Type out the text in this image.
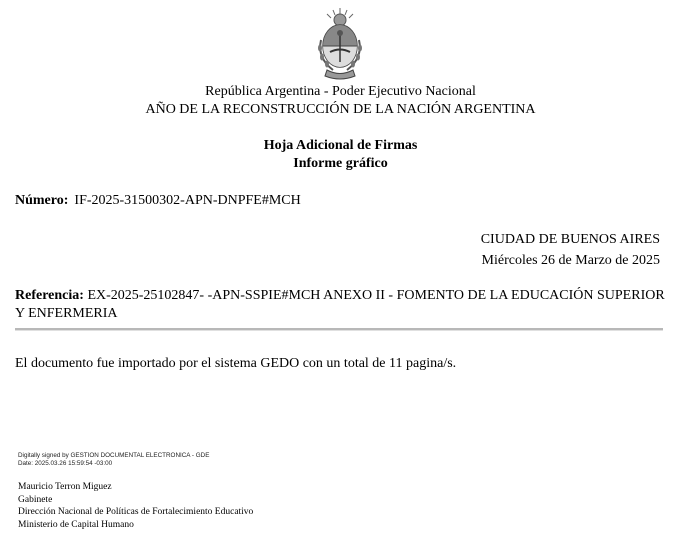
República Argentina - Poder Ejecutivo Nacional
AÑO DE LA RECONSTRUCCIÓN DE LA NACIÓN ARGENTINA
Hoja Adicional de Firmas
Informe gráfico
Número: IF-2025-31500302-APN-DNPFE#MCH
CIUDAD DE BUENOS AIRES
Miércoles 26 de Marzo de 2025
Referencia: EX-2025-25102847- -APN-SSPIE#MCH ANEXO II - FOMENTO DE LA EDUCACIÓN SUPERIOR Y ENFERMERIA
El documento fue importado por el sistema GEDO con un total de 11 pagina/s.
Digitally signed by GESTION DOCUMENTAL ELECTRONICA - GDE
Date: 2025.03.26 15:59:54 -03:00
Mauricio Terron Miguez
Gabinete
Dirección Nacional de Políticas de Fortalecimiento Educativo
Ministerio de Capital Humano
